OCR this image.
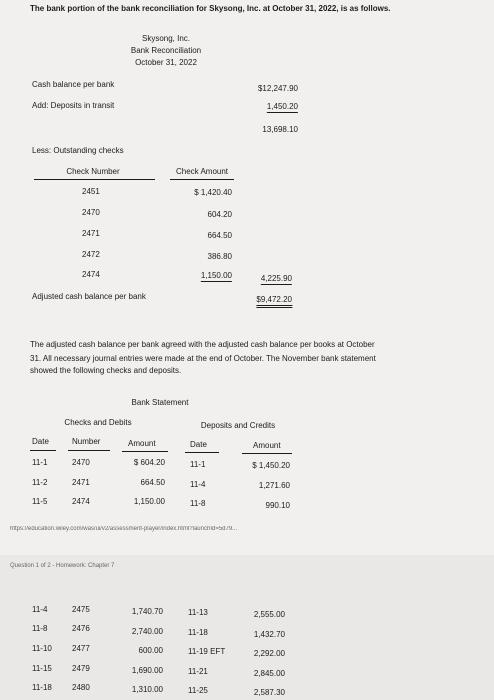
The bank portion of the bank reconciliation for Skysong, Inc. at October 31, 2022, is as follows.
Skysong, Inc.
Bank Reconciliation
October 31, 2022
Cash balance per bank	$12,247.90
Add: Deposits in transit	1,450.20
13,698.10
Less: Outstanding checks
Check Number	Check Amount
2451	$ 1,420.40
2470	604.20
2471	664.50
2472	386.80
2474	1,150.00	4,225.90
Adjusted cash balance per bank	$9,472.20
The adjusted cash balance per bank agreed with the adjusted cash balance per books at October
31. All necessary journal entries were made at the end of October. The November bank statement
showed the following checks and deposits.
Bank Statement
Checks and Debits	Deposits and Credits
Date	Number	Amount	Date	Amount
11-1	2470	$ 604.20	11-1	$ 1,450.20
11-2	2471	664.50	11-4	1,271.60
11-5	2474	1,150.00	11-8	990.10
https://education.wiley.com/was/ui/v2/assessment-player/index.html?launchId=5d79...
Question 1 of 2 - Homework: Chapter 7
11-4	2475	1,740.70	11-13	2,555.00
11-8	2476	2,740.00	11-18	1,432.70
11-10	2477	600.00	11-19 EFT	2,292.00
11-15	2479	1,690.00	11-21	2,845.00
11-18	2480	1,310.00	11-25	2,587.30
